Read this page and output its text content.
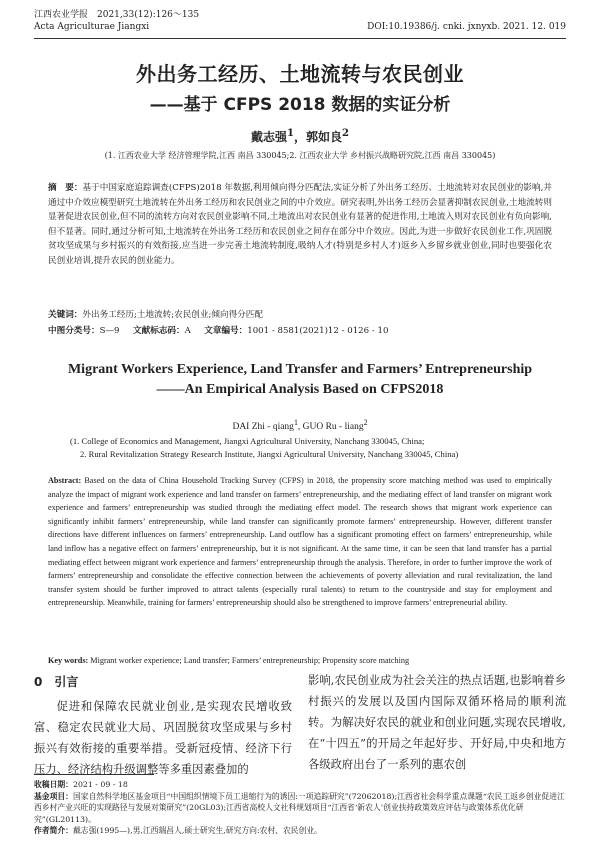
江西农业学报　2021,33(12):126～135
Acta Agriculturae Jiangxi	DOI:10.19386/j. cnki. jxnyxb. 2021. 12. 019
外出务工经历、土地流转与农民创业
——基于 CFPS 2018 数据的实证分析
戴志强$^1$，郭如良$^2$
(1. 江西农业大学 经济管理学院,江西 南昌 330045;2. 江西农业大学 乡村振兴战略研究院,江西 南昌 330045)
摘　要：基于中国家庭追踪调查(CFPS)2018 年数据,利用倾向得分匹配法,实证分析了外出务工经历、土地流转对农民创业的影响,并通过中介效应模型研究土地流转在外出务工经历和农民创业之间的中介效应。研究表明,外出务工经历会显著抑制农民创业,土地流转则显著促进农民创业,但不同的流转方向对农民创业影响不同,土地流出对农民创业有显著的促进作用,土地流入则对农民创业有负向影响,但不显著。同时,通过分析可知,土地流转在外出务工经历和农民创业之间存在部分中介效应。因此,为进一步做好农民创业工作,巩固脱贫攻坚成果与乡村振兴的有效衔接,应当进一步完善土地流转制度,吸纳人才(特别是乡村人才)返乡入乡留乡就业创业,同时也要强化农民创业培训,提升农民的创业能力。
关键词：外出务工经历;土地流转;农民创业;倾向得分匹配
中图分类号：S—9 文献标志码：A 文章编号：1001 - 8581(2021)12 - 0126 - 10
Migrant Workers Experience, Land Transfer and Farmers’ Entrepreneurship
——An Empirical Analysis Based on CFPS2018
DAI Zhi - qiang$^1$, GUO Ru - liang$^2$
(1. College of Economics and Management, Jiangxi Agricultural University, Nanchang 330045, China;
2. Rural Revitalization Strategy Research Institute, Jiangxi Agricultural University, Nanchang 330045, China)
Abstract: Based on the data of China Household Tracking Survey (CFPS) in 2018, the propensity score matching method was used to empirically analyze the impact of migrant work experience and land transfer on farmers’ entrepreneurship, and the mediating effect of land transfer on migrant work experience and farmers’ entrepreneurship was studied through the mediating effect model. The research shows that migrant work experience can significantly inhibit farmers’ entrepreneurship, while land transfer can significantly promote farmers’ entrepreneurship. However, different transfer directions have different influences on farmers’ entrepreneurship. Land outflow has a significant promoting effect on farmers’ entrepreneurship, while land inflow has a negative effect on farmers’ entrepreneurship, but it is not significant. At the same time, it can be seen that land transfer has a partial mediating effect between migrant work experience and farmers’ entrepreneurship through the analysis. Therefore, in order to further improve the work of farmers’ entrepreneurship and consolidate the effective connection between the achievements of poverty alleviation and rural revitalization, the land transfer system should be further improved to attract talents (especially rural talents) to return to the countryside and stay for employment and entrepreneurship. Meanwhile, training for farmers’ entrepreneurship should also be strengthened to improve farmers’ entrepreneurial ability.
Key words: Migrant worker experience; Land transfer; Farmers’ entrepreneurship; Propensity score matching
0　引言
促进和保障农民就业创业,是实现农民增收致富、稳定农民就业大局、巩固脱贫攻坚成果与乡村振兴有效衔接的重要举措。受新冠疫情、经济下行压力、经济结构升级调整等多重因素叠加的
影响,农民创业成为社会关注的热点话题,也影响着乡村振兴的发展以及国内国际双循环格局的顺利流转。为解决好农民的就业和创业问题,实现农民增收,在“十四五”的开局之年起好步、开好局,中央和地方各级政府出台了一系列的惠农创
收稿日期：2021 - 09 - 18
基金项目：国家自然科学地区基金项目“中国组织情境下员工退缩行为的诱因:一项追踪研究”(72062018);江西省社会科学重点课题“农民工返乡创业促进江西乡村产业兴旺的实现路径与发展对策研究”(20GL03);江西省高校人文社科规划项目“江西省‘新农人’创业扶持政策效应评估与政策体系优化研究”(GL20113)。
作者简介：戴志强(1995—),男,江西瑞昌人,硕士研究生,研究方向:农村、农民创业。
